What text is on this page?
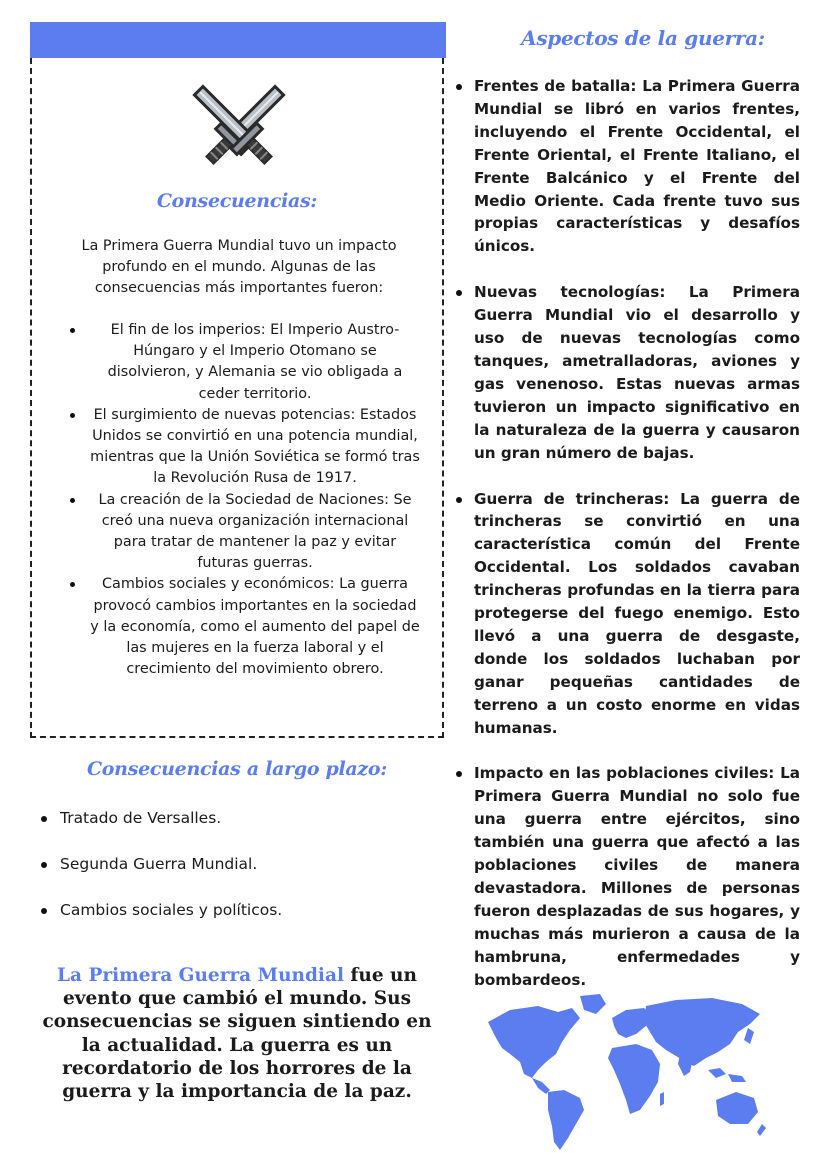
Consecuencias:
La Primera Guerra Mundial tuvo un impacto profundo en el mundo. Algunas de las consecuencias más importantes fueron:
El fin de los imperios: El Imperio Austro-Húngaro y el Imperio Otomano se disolvieron, y Alemania se vio obligada a ceder territorio.
El surgimiento de nuevas potencias: Estados Unidos se convirtió en una potencia mundial, mientras que la Unión Soviética se formó tras la Revolución Rusa de 1917.
La creación de la Sociedad de Naciones: Se creó una nueva organización internacional para tratar de mantener la paz y evitar futuras guerras.
Cambios sociales y económicos: La guerra provocó cambios importantes en la sociedad y la economía, como el aumento del papel de las mujeres en la fuerza laboral y el crecimiento del movimiento obrero.
Consecuencias a largo plazo:
Tratado de Versalles.
Segunda Guerra Mundial.
Cambios sociales y políticos.
La Primera Guerra Mundial fue un evento que cambió el mundo. Sus consecuencias se siguen sintiendo en la actualidad. La guerra es un recordatorio de los horrores de la guerra y la importancia de la paz.
Aspectos de la guerra:
Frentes de batalla: La Primera Guerra Mundial se libró en varios frentes, incluyendo el Frente Occidental, el Frente Oriental, el Frente Italiano, el Frente Balcánico y el Frente del Medio Oriente. Cada frente tuvo sus propias características y desafíos únicos.
Nuevas tecnologías: La Primera Guerra Mundial vio el desarrollo y uso de nuevas tecnologías como tanques, ametralladoras, aviones y gas venenoso. Estas nuevas armas tuvieron un impacto significativo en la naturaleza de la guerra y causaron un gran número de bajas.
Guerra de trincheras: La guerra de trincheras se convirtió en una característica común del Frente Occidental. Los soldados cavaban trincheras profundas en la tierra para protegerse del fuego enemigo. Esto llevó a una guerra de desgaste, donde los soldados luchaban por ganar pequeñas cantidades de terreno a un costo enorme en vidas humanas.
Impacto en las poblaciones civiles: La Primera Guerra Mundial no solo fue una guerra entre ejércitos, sino también una guerra que afectó a las poblaciones civiles de manera devastadora. Millones de personas fueron desplazadas de sus hogares, y muchas más murieron a causa de la hambruna, enfermedades y bombardeos.
